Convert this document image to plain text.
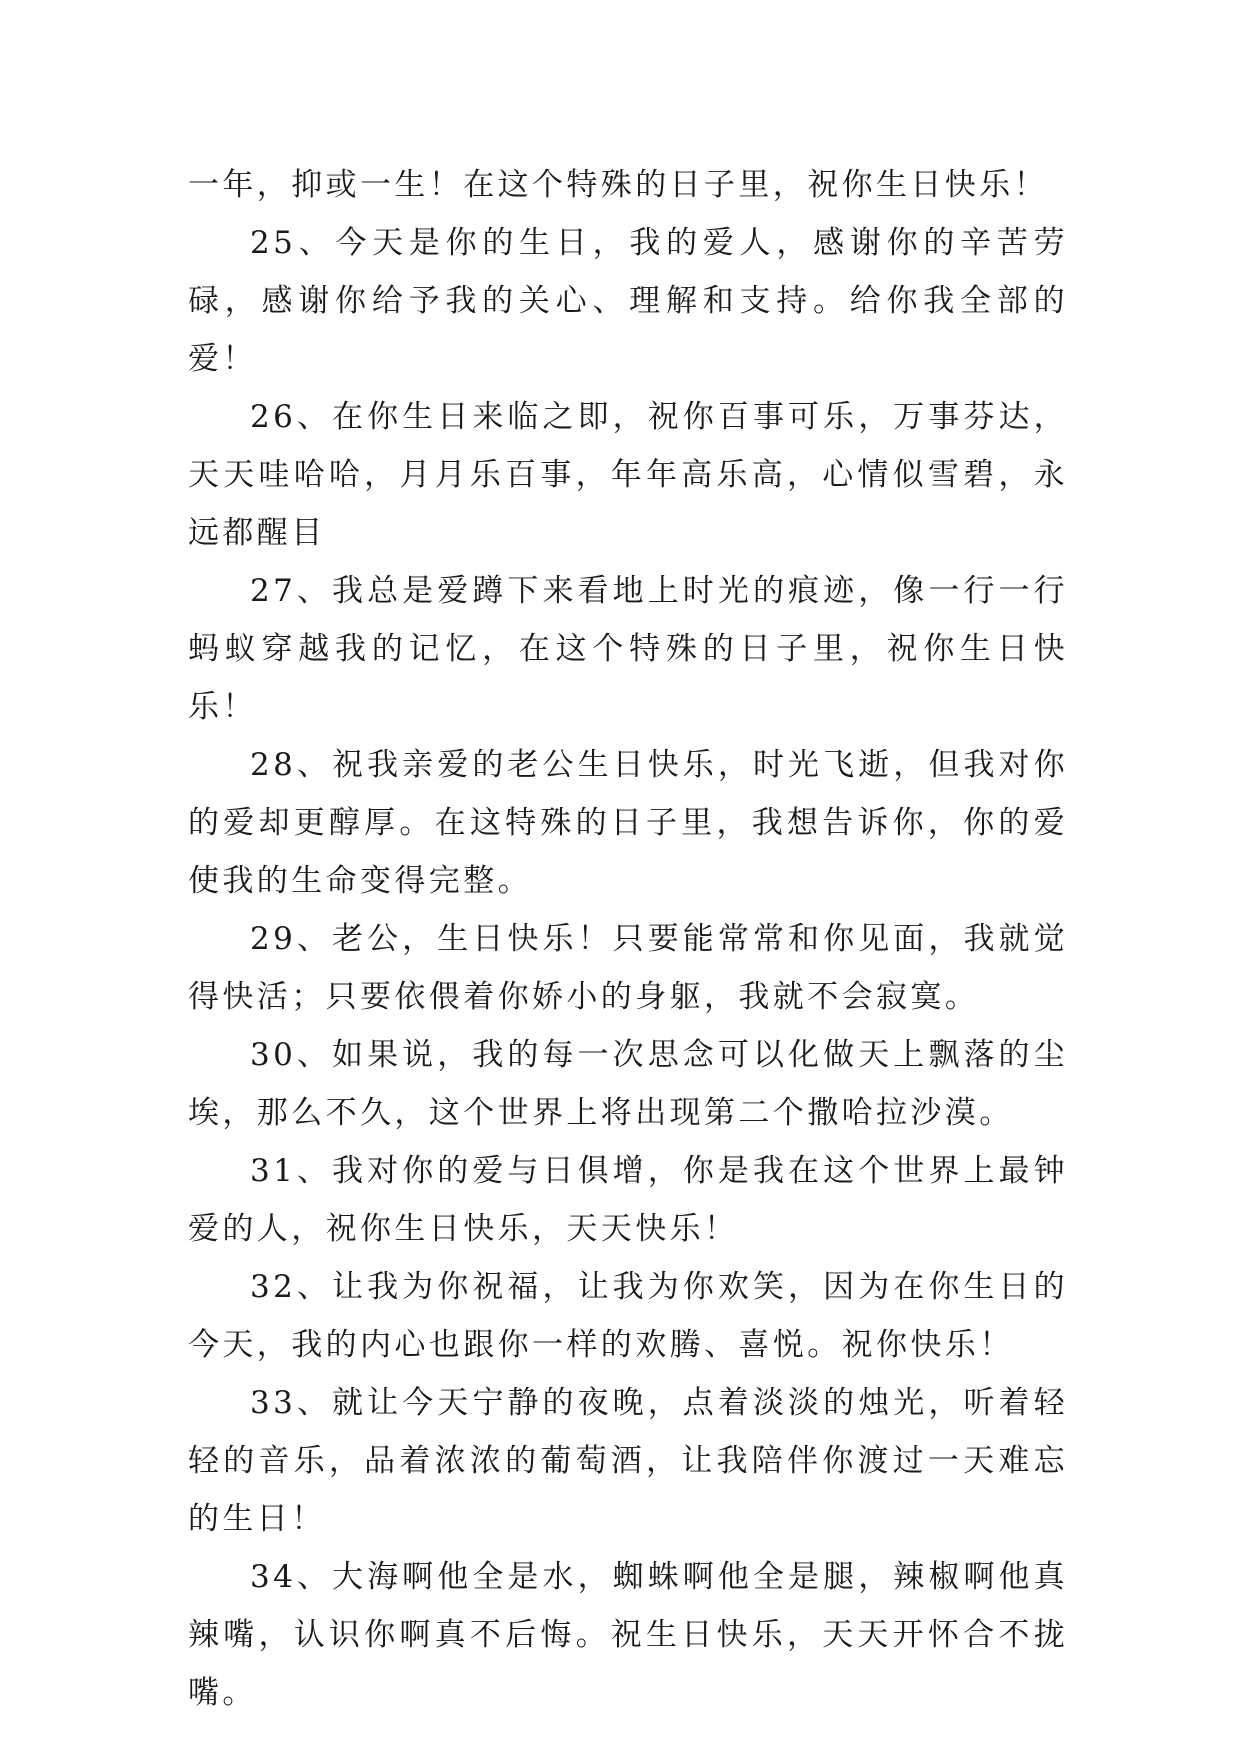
一年，抑或一生！在这个特殊的日子里，祝你生日快乐！

25、今天是你的生日，我的爱人，感谢你的辛苦劳碌，感谢你给予我的关心、理解和支持。给你我全部的爱！

26、在你生日来临之即，祝你百事可乐，万事芬达，天天哇哈哈，月月乐百事，年年高乐高，心情似雪碧，永远都醒目

27、我总是爱蹲下来看地上时光的痕迹，像一行一行蚂蚁穿越我的记忆，在这个特殊的日子里，祝你生日快乐！

28、祝我亲爱的老公生日快乐，时光飞逝，但我对你的爱却更醇厚。在这特殊的日子里，我想告诉你，你的爱使我的生命变得完整。

29、老公，生日快乐！只要能常常和你见面，我就觉得快活；只要依偎着你娇小的身躯，我就不会寂寞。

30、如果说，我的每一次思念可以化做天上飘落的尘埃，那么不久，这个世界上将出现第二个撒哈拉沙漠。

31、我对你的爱与日俱增，你是我在这个世界上最钟爱的人，祝你生日快乐，天天快乐！

32、让我为你祝福，让我为你欢笑，因为在你生日的今天，我的内心也跟你一样的欢腾、喜悦。祝你快乐！

33、就让今天宁静的夜晚，点着淡淡的烛光，听着轻轻的音乐，品着浓浓的葡萄酒，让我陪伴你渡过一天难忘的生日！

34、大海啊他全是水，蜘蛛啊他全是腿，辣椒啊他真辣嘴，认识你啊真不后悔。祝生日快乐，天天开怀合不拢嘴。
